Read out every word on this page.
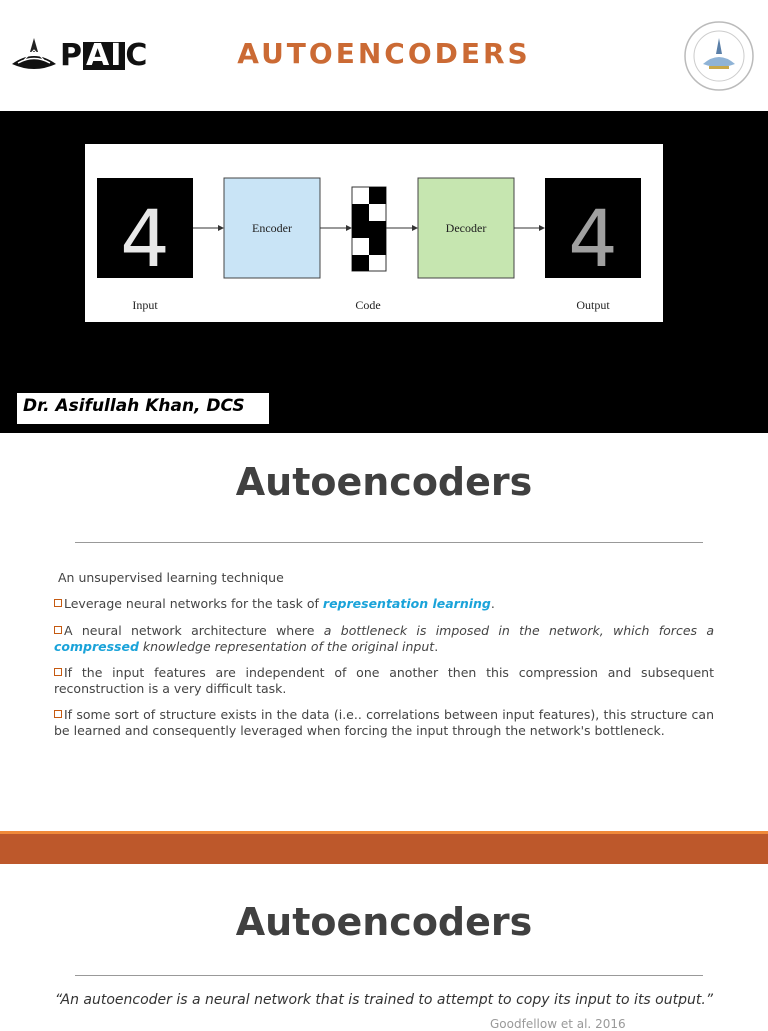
P AI C	AUTOENCODERS
4	Encoder	Decoder 4
Input	Code	Output
Dr. Asifullah Khan, DCS
Autoencoders
An unsupervised learning technique
Leverage neural networks for the task of representation learning.
A neural network architecture where a bottleneck is imposed in the network, which forces a compressed knowledge representation of the original input.
If the input features are independent of one another then this compression and subsequent reconstruction is a very difficult task.
If some sort of structure exists in the data (i.e.. correlations between input features), this structure can be learned and consequently leveraged when forcing the input through the network's bottleneck.
Autoencoders
“An autoencoder is a neural network that is trained to attempt to copy its input to its output.”
Goodfellow et al. 2016
